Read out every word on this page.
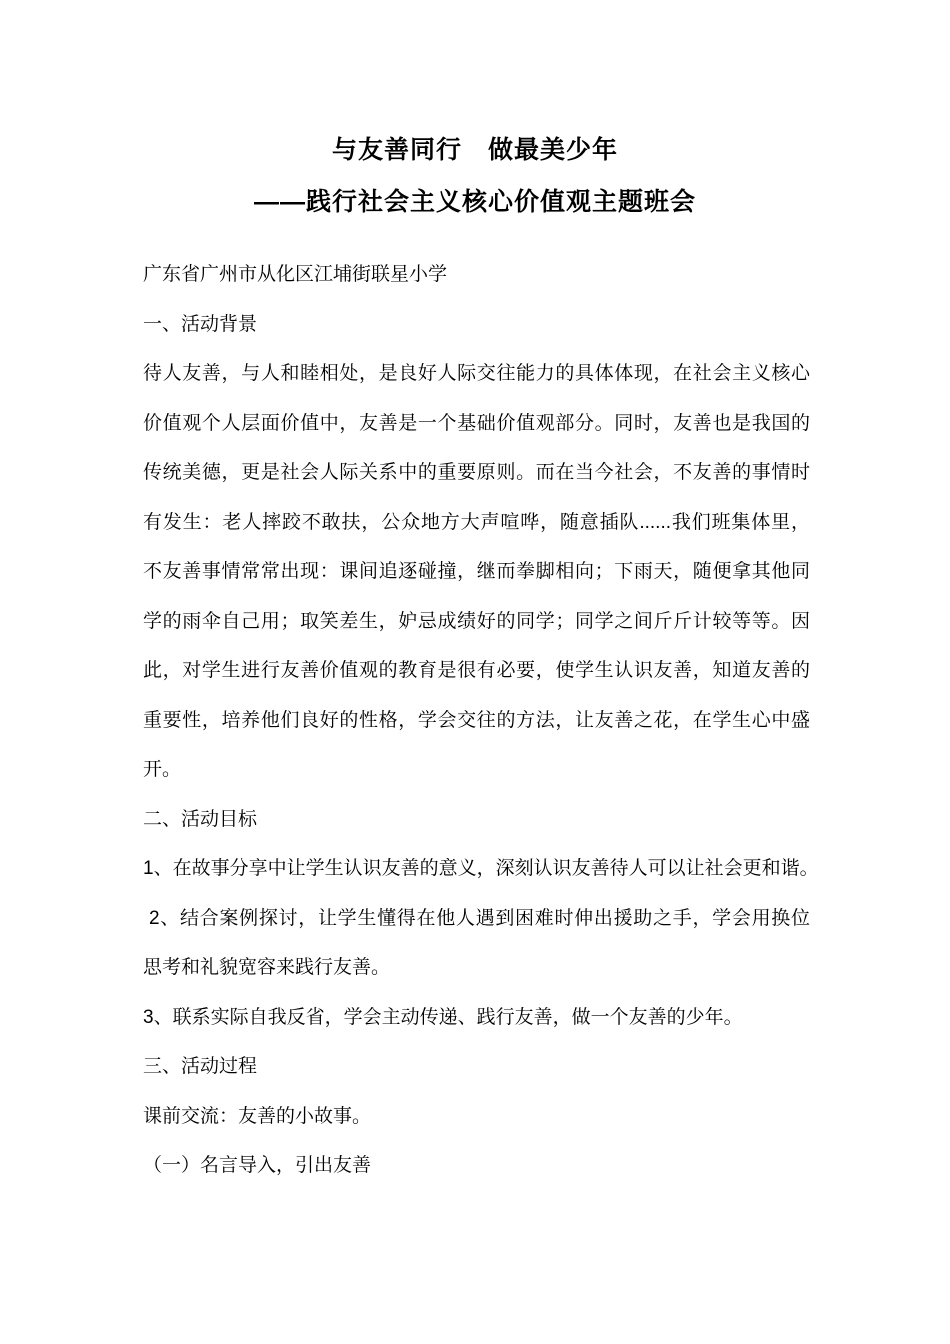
与友善同行　做最美少年
——践行社会主义核心价值观主题班会
广东省广州市从化区江埔街联星小学
一、活动背景
待人友善，与人和睦相处，是良好人际交往能力的具体体现，在社会主义核心
价值观个人层面价值中，友善是一个基础价值观部分。同时，友善也是我国的
传统美德，更是社会人际关系中的重要原则。而在当今社会，不友善的事情时
有发生：老人摔跤不敢扶，公众地方大声喧哗，随意插队......我们班集体里，
不友善事情常常出现：课间追逐碰撞，继而拳脚相向；下雨天，随便拿其他同
学的雨伞自己用；取笑差生，妒忌成绩好的同学；同学之间斤斤计较等等。因
此，对学生进行友善价值观的教育是很有必要，使学生认识友善，知道友善的
重要性，培养他们良好的性格，学会交往的方法，让友善之花，在学生心中盛
开。
二、活动目标
1、在故事分享中让学生认识友善的意义，深刻认识友善待人可以让社会更和谐。
2、结合案例探讨，让学生懂得在他人遇到困难时伸出援助之手，学会用换位
思考和礼貌宽容来践行友善。
3、联系实际自我反省，学会主动传递、践行友善，做一个友善的少年。
三、活动过程
课前交流：友善的小故事。
（一）名言导入，引出友善
